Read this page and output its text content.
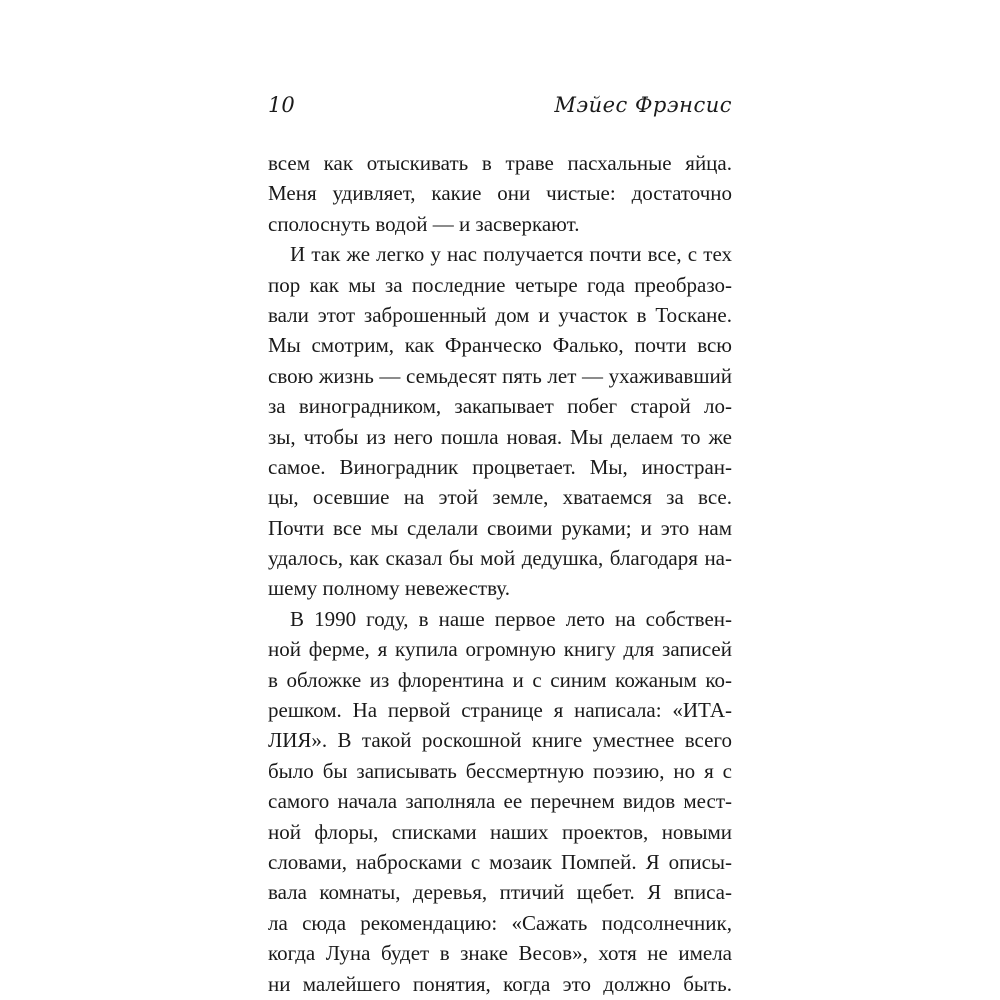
10	Мэйес Фрэнсис
всем как отыскивать в траве пасхальные яйца.
Меня удивляет, какие они чистые: достаточно
сполоснуть водой — и засверкают.
И так же легко у нас получается почти все, с тех
пор как мы за последние четыре года преобразо-
вали этот заброшенный дом и участок в Тоскане.
Мы смотрим, как Франческо Фалько, почти всю
свою жизнь — семьдесят пять лет — ухаживавший
за виноградником, закапывает побег старой ло-
зы, чтобы из него пошла новая. Мы делаем то же
самое. Виноградник процветает. Мы, иностран-
цы, осевшие на этой земле, хватаемся за все.
Почти все мы сделали своими руками; и это нам
удалось, как сказал бы мой дедушка, благодаря на-
шему полному невежеству.
В 1990 году, в наше первое лето на собствен-
ной ферме, я купила огромную книгу для записей
в обложке из флорентина и с синим кожаным ко-
решком. На первой странице я написала: «ИТА-
ЛИЯ». В такой роскошной книге уместнее всего
было бы записывать бессмертную поэзию, но я с
самого начала заполняла ее перечнем видов мест-
ной флоры, списками наших проектов, новыми
словами, набросками с мозаик Помпей. Я описы-
вала комнаты, деревья, птичий щебет. Я вписа-
ла сюда рекомендацию: «Сажать подсолнечник,
когда Луна будет в знаке Весов», хотя не имела
ни малейшего понятия, когда это должно быть.
